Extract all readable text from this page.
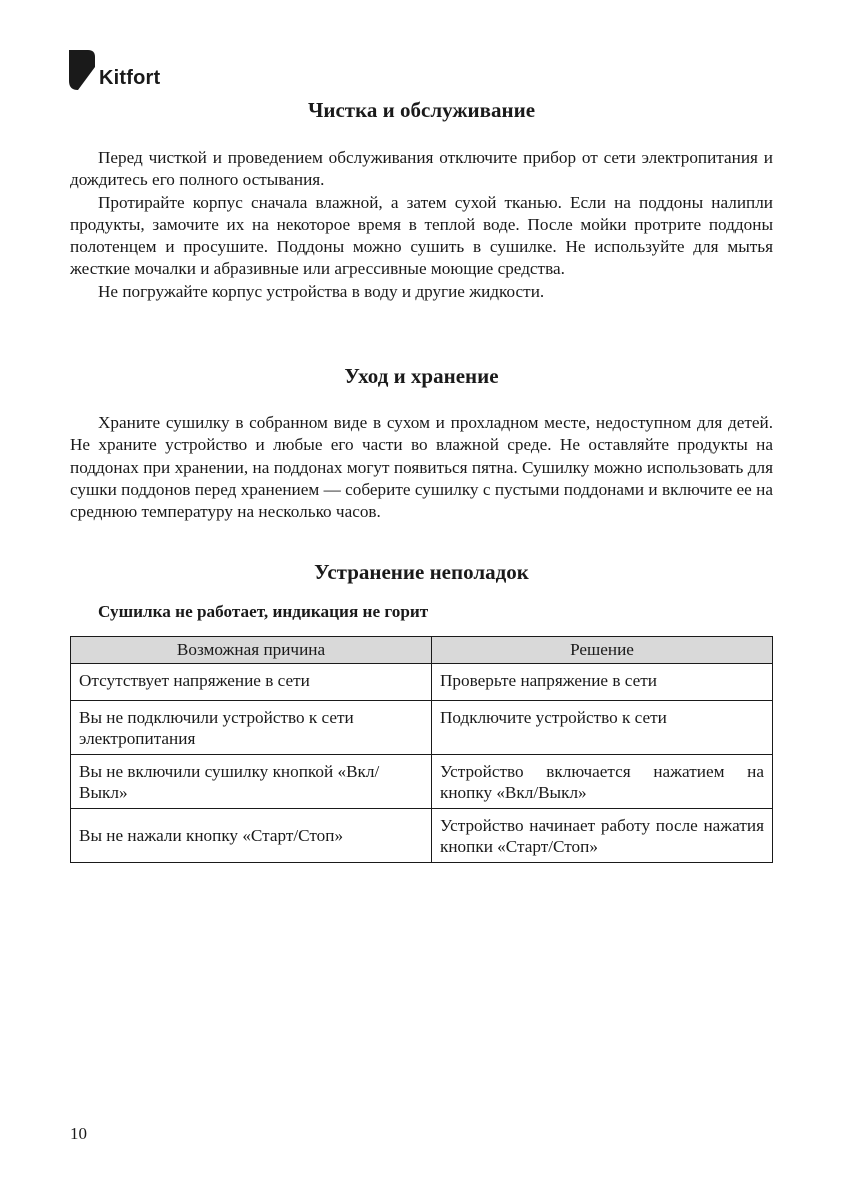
Kitfort
Чистка и обслуживание

Перед чисткой и проведением обслуживания отключите прибор от сети электропитания и дождитесь его полного остывания.

Протирайте корпус сначала влажной, а затем сухой тканью. Если на поддоны налипли продукты, замочите их на некоторое время в теплой воде. После мойки протрите поддоны полотенцем и просушите. Поддоны можно сушить в сушилке. Не используйте для мытья жесткие мочалки и абразивные или агрессивные моющие средства.

Не погружайте корпус устройства в воду и другие жидкости.

Уход и хранение

Храните сушилку в собранном виде в сухом и прохладном месте, недоступном для детей. Не храните устройство и любые его части во влажной среде. Не оставляйте продукты на поддонах при хранении, на поддонах могут появиться пятна. Сушилку можно использовать для сушки поддонов перед хранением — соберите сушилку с пустыми поддонами и включите ее на среднюю температуру на несколько часов.

Устранение неполадок
Сушилка не работает, индикация не горит
Возможная причина	Решение
Отсутствует напряжение в сети	Проверьте напряжение в сети
Вы не подключили устройство к сети электропитания	Подключите устройство к сети
Вы не включили сушилку кнопкой «Вкл/Выкл»	Устройство включается нажатием на кнопку «Вкл/Выкл»
Вы не нажали кнопку «Старт/Стоп»	Устройство начинает работу после нажатия кнопки «Старт/Стоп»
10
